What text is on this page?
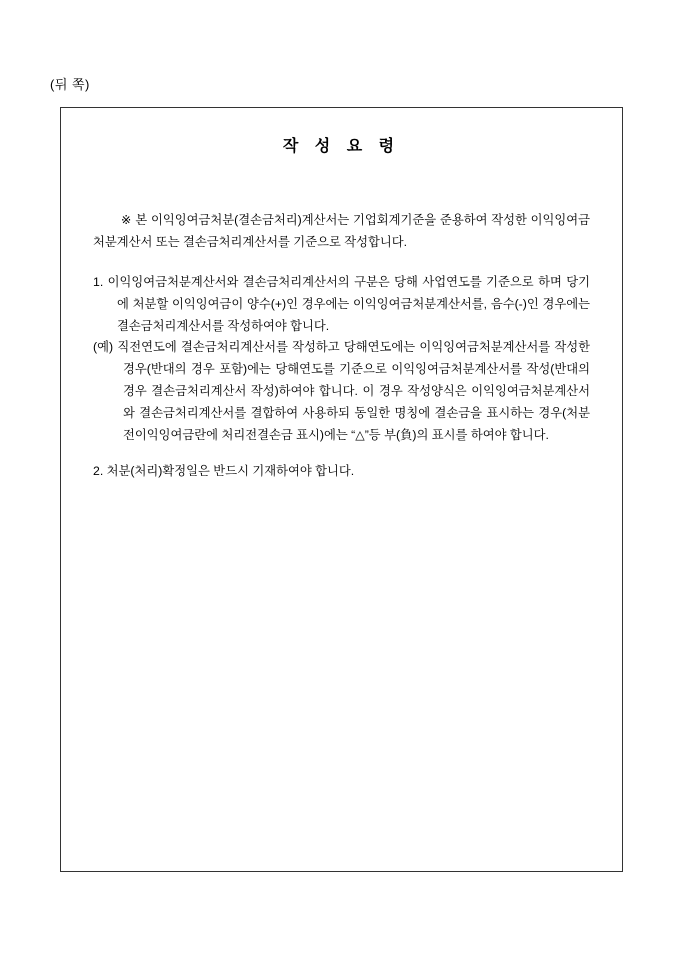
(뒤 쪽)
작 성 요 령

※ 본 이익잉여금처분(결손금처리)계산서는 기업회계기준을 준용하여 작성한 이익잉여금처분계산서 또는 결손금처리계산서를 기준으로 작성합니다.

1. 이익잉여금처분계산서와 결손금처리계산서의 구분은 당해 사업연도를 기준으로 하며 당기에 처분할 이익잉여금이 양수(+)인 경우에는 이익잉여금처분계산서를, 음수(-)인 경우에는 결손금처리계산서를 작성하여야 합니다.

(예) 직전연도에 결손금처리계산서를 작성하고 당해연도에는 이익잉여금처분계산서를 작성한 경우(반대의 경우 포함)에는 당해연도를 기준으로 이익잉여금처분계산서를 작성(반대의 경우 결손금처리계산서 작성)하여야 합니다. 이 경우 작성양식은 이익잉여금처분계산서와 결손금처리계산서를 결합하여 사용하되 동일한 명칭에 결손금을 표시하는 경우(처분전이익잉여금란에 처리전결손금 표시)에는 “△”등 부(負)의 표시를 하여야 합니다.

2. 처분(처리)확정일은 반드시 기재하여야 합니다.
